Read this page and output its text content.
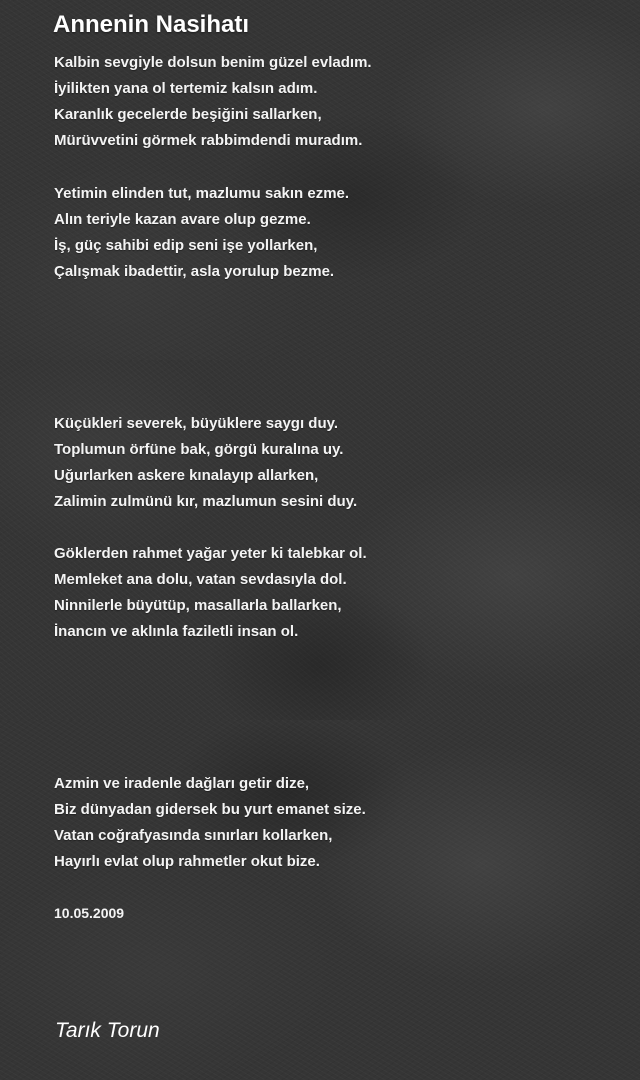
Annenin Nasihatı
Kalbin sevgiyle dolsun benim güzel evladım.
İyilikten yana ol tertemiz kalsın adım.
Karanlık gecelerde beşiğini sallarken,
Mürüvvetini görmek rabbimdendi muradım.
Yetimin elinden tut, mazlumu sakın ezme.
Alın teriyle kazan avare olup gezme.
İş, güç sahibi edip seni işe yollarken,
Çalışmak ibadettir, asla yorulup bezme.
Küçükleri severek, büyüklere saygı duy.
Toplumun örfüne bak, görgü kuralına uy.
Uğurlarken askere kınalayıp allarken,
Zalimin zulmünü kır, mazlumun sesini duy.
Göklerden rahmet yağar yeter ki talebkar ol.
Memleket ana dolu, vatan sevdasıyla dol.
Ninnilerle büyütüp, masallarla ballarken,
İnancın ve aklınla faziletli insan ol.
Azmin ve iradenle dağları getir dize,
Biz dünyadan gidersek bu yurt emanet size.
Vatan coğrafyasında sınırları kollarken,
Hayırlı evlat olup rahmetler okut bize.
10.05.2009
Tarık Torun
